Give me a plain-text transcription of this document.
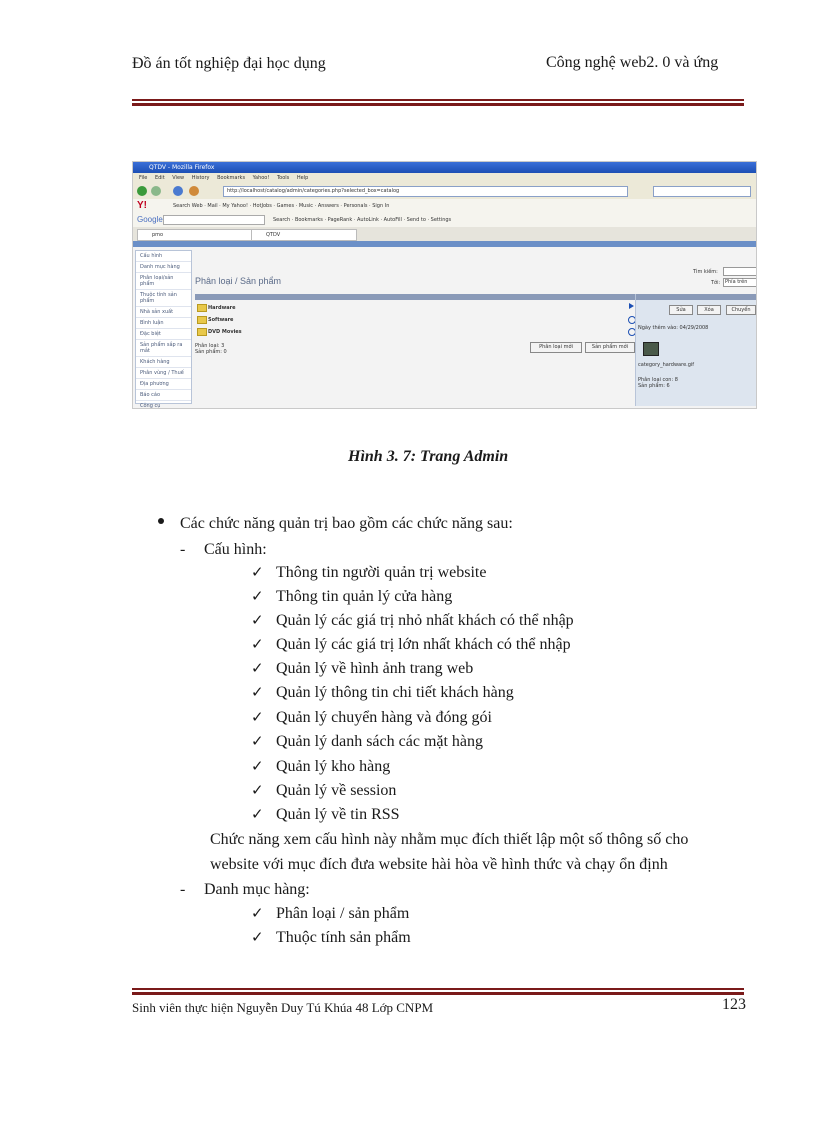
Đồ án tốt nghiệp đại học dụng	Công nghệ web2. 0 và ứng
QTDV - Mozilla Firefox
File Edit View History Bookmarks Yahoo! Tools Help
http://localhost/catalog/admin/categories.php?selected_box=catalog
Y!	Search Web · Mail · My Yahoo! · HotJobs · Games · Music · Answers · Personals · Sign In
Google	Search · Bookmarks · PageRank · AutoLink · AutoFill · Send to · Settings
pmo	QTDV
Cấu hình
Danh mục hàng
Phân loại/sản phẩm
Thuộc tính sản phẩm
Nhà sản xuất
Bình luận
Đặc biệt
Sản phẩm sắp ra mắt
Khách hàng
Phân vùng / Thuế
Địa phương
Báo cáo
Công cụ
Phân loại / Sản phẩm
Tìm kiếm:
Tới: Phía trên
Hardware
Software
DVD Movies
Phân loại: 3
Sản phẩm: 0
Phân loại mới	Sản phẩm mới
Sửa	Xóa	Chuyển
Ngày thêm vào: 04/29/2008
category_hardware.gif
Phân loại con: 8
Sản phẩm: 6
Hình 3. 7: Trang Admin
Các chức năng quản trị bao gồm các chức năng sau:
- Cấu hình:
✓ Thông tin người quản trị website
✓ Thông tin quản lý cửa hàng
✓ Quản lý các giá trị nhỏ nhất khách có thể nhập
✓ Quản lý các giá trị lớn nhất khách có thể nhập
✓ Quản lý về hình ảnh trang web
✓ Quản lý thông tin chi tiết khách hàng
✓ Quản lý chuyển hàng và đóng gói
✓ Quản lý danh sách các mặt hàng
✓ Quản lý kho hàng
✓ Quản lý về session
✓ Quản lý về tin RSS
Chức năng xem cấu hình này nhằm mục đích thiết lập một số thông số cho
website với mục đích đưa website hài hòa về hình thức và chạy ổn định
- Danh mục hàng:
✓ Phân loại / sản phẩm
✓ Thuộc tính sản phẩm
Sinh viên thực hiện Nguyễn Duy Tú Khúa 48 Lớp CNPM	123
